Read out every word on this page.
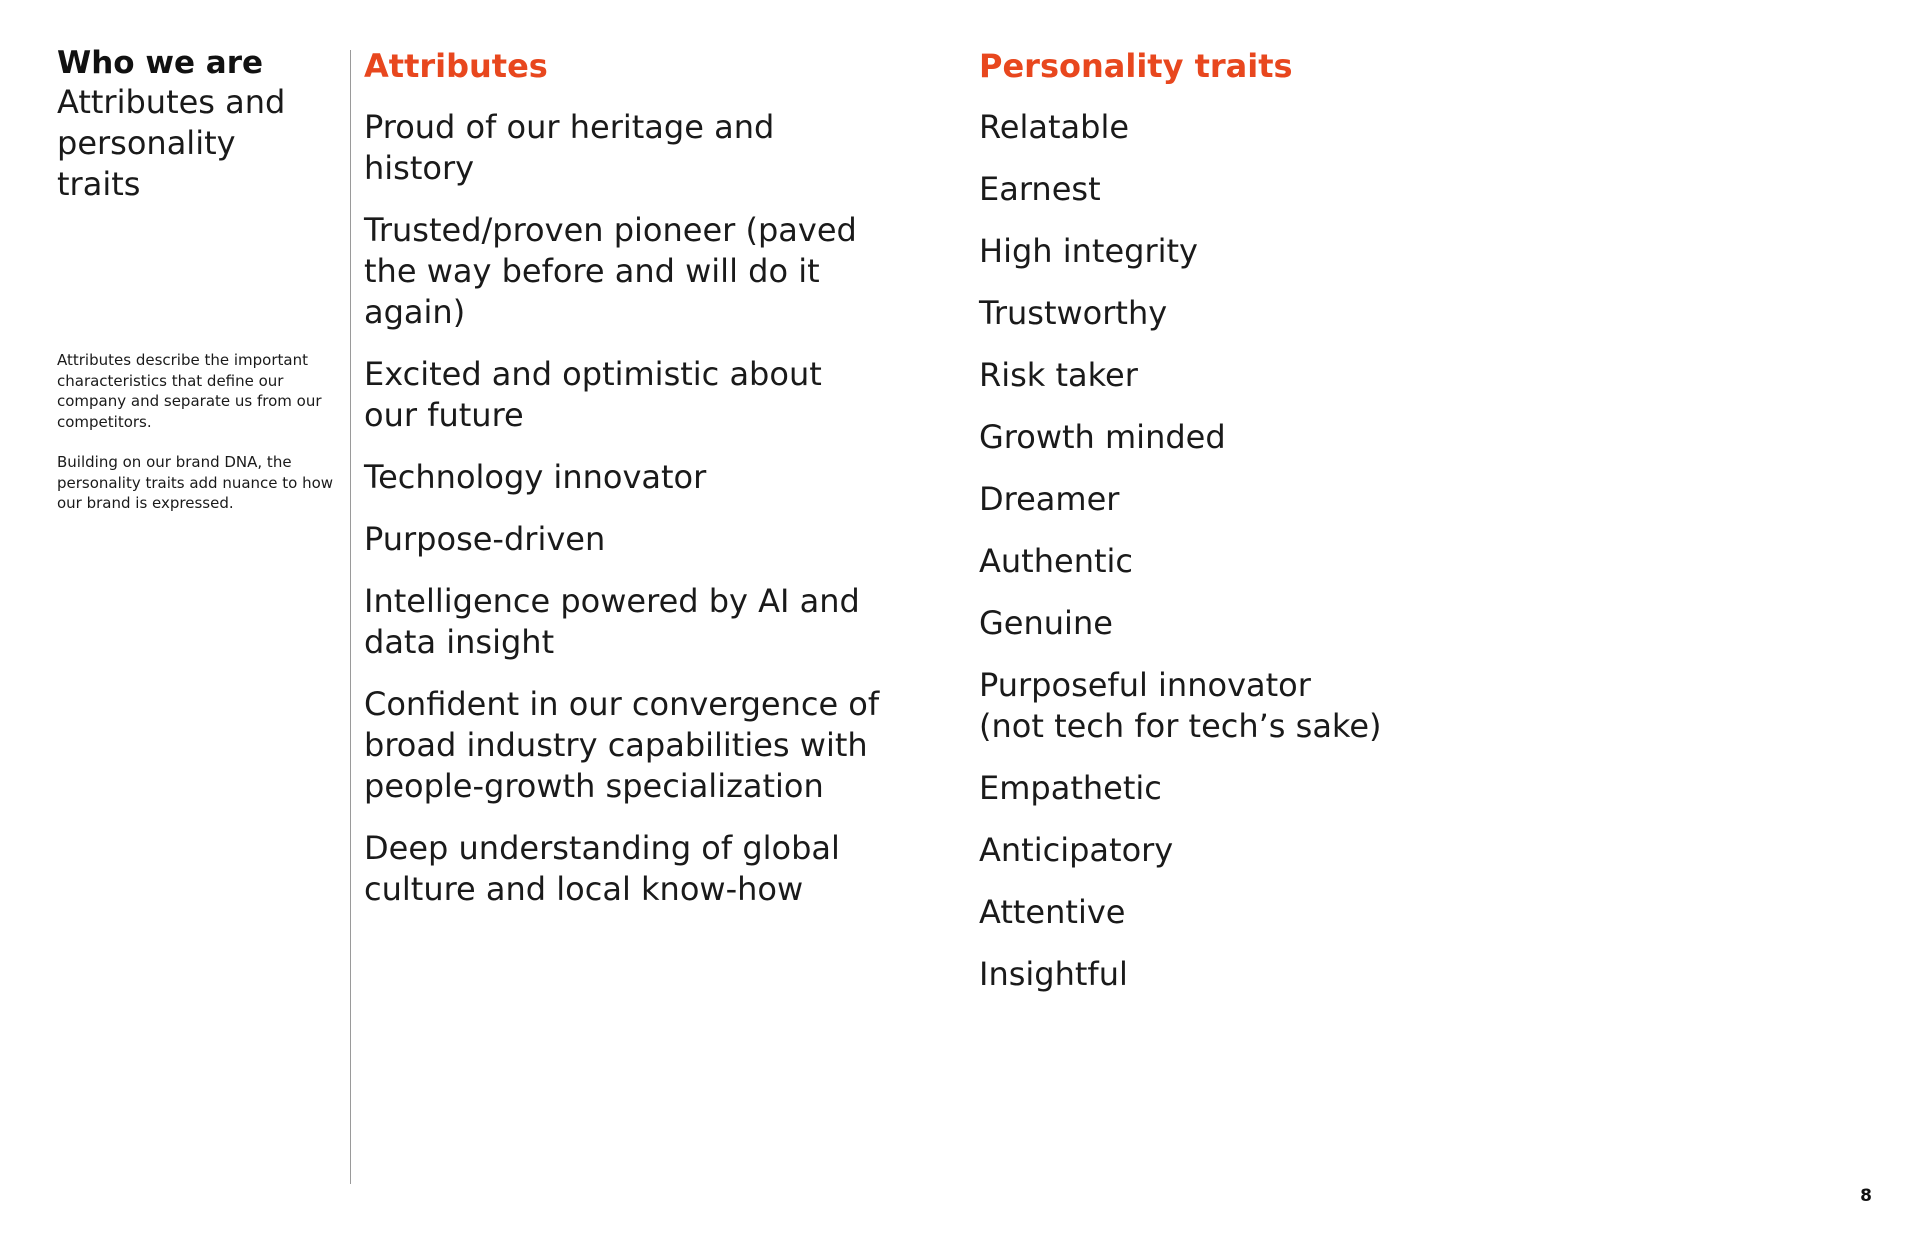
Who we are
Attributes and personality traits

Attributes describe the important characteristics that define our company and separate us from our competitors.

Building on our brand DNA, the personality traits add nuance to how our brand is expressed.

Attributes
Proud of our heritage and history
Trusted/proven pioneer (paved the way before and will do it again)
Excited and optimistic about our future
Technology innovator
Purpose-driven
Intelligence powered by AI and data insight
Confident in our convergence of broad industry capabilities with people-growth specialization
Deep understanding of global culture and local know-how
Personality traits
Relatable
Earnest
High integrity
Trustworthy
Risk taker
Growth minded
Dreamer
Authentic
Genuine
Purposeful innovator
(not tech for tech’s sake)
Empathetic
Anticipatory
Attentive
Insightful
8
